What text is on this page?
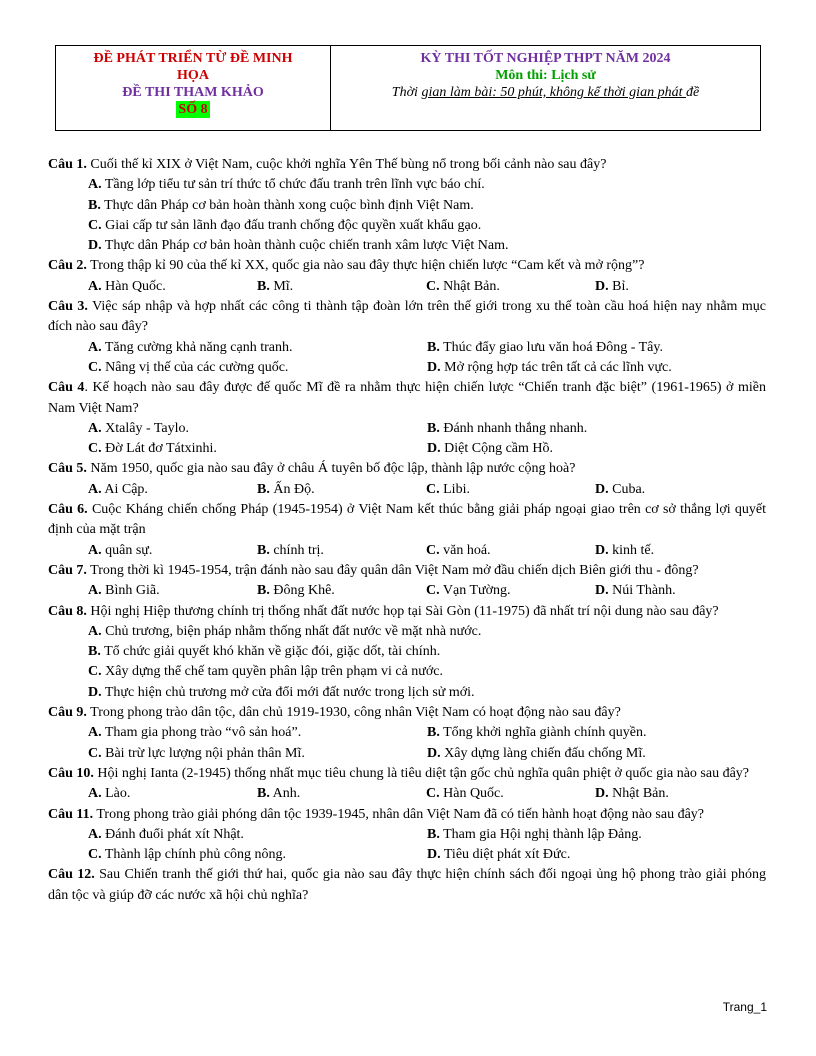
ĐỀ PHÁT TRIỂN TỪ ĐỀ MINH
HỌA
ĐỀ THI THAM KHẢO
SỐ 8
KỲ THI TỐT NGHIỆP THPT NĂM 2024
Môn thi: Lịch sử
Thời gian làm bài: 50 phút, không kể thời gian phát đề
Câu 1. Cuối thế kỉ XIX ở Việt Nam, cuộc khởi nghĩa Yên Thế bùng nổ trong bối cảnh nào sau đây?
A. Tầng lớp tiểu tư sản trí thức tổ chức đấu tranh trên lĩnh vực báo chí.
B. Thực dân Pháp cơ bản hoàn thành xong cuộc bình định Việt Nam.
C. Giai cấp tư sản lãnh đạo đấu tranh chống độc quyền xuất khẩu gạo.
D. Thực dân Pháp cơ bản hoàn thành cuộc chiến tranh xâm lược Việt Nam.
Câu 2. Trong thập kỉ 90 của thế kỉ XX, quốc gia nào sau đây thực hiện chiến lược “Cam kết và mở rộng”?
A. Hàn Quốc.	B. Mĩ.	C. Nhật Bản.	D. Bỉ.
Câu 3. Việc sáp nhập và hợp nhất các công ti thành tập đoàn lớn trên thế giới trong xu thế toàn cầu hoá hiện nay nhằm mục đích nào sau đây?
A. Tăng cường khả năng cạnh tranh.	B. Thúc đẩy giao lưu văn hoá Đông - Tây.
C. Nâng vị thế của các cường quốc.	D. Mở rộng hợp tác trên tất cả các lĩnh vực.
Câu 4. Kế hoạch nào sau đây được đế quốc Mĩ đề ra nhằm thực hiện chiến lược “Chiến tranh đặc biệt” (1961-1965) ở miền Nam Việt Nam?
A. Xtalây - Taylo.	B. Đánh nhanh thắng nhanh.
C. Đờ Lát đơ Tátxinhi.	D. Diệt Cộng cầm Hồ.
Câu 5. Năm 1950, quốc gia nào sau đây ở châu Á tuyên bố độc lập, thành lập nước cộng hoà?
A. Ai Cập.	B. Ấn Độ.	C. Libi.	D. Cuba.
Câu 6. Cuộc Kháng chiến chống Pháp (1945-1954) ở Việt Nam kết thúc bằng giải pháp ngoại giao trên cơ sở thắng lợi quyết định của mặt trận
A. quân sự.	B. chính trị.	C. văn hoá.	D. kinh tế.
Câu 7. Trong thời kì 1945-1954, trận đánh nào sau đây quân dân Việt Nam mở đầu chiến dịch Biên giới thu - đông?
A. Bình Giã.	B. Đông Khê.	C. Vạn Tường.	D. Núi Thành.
Câu 8. Hội nghị Hiệp thương chính trị thống nhất đất nước họp tại Sài Gòn (11-1975) đã nhất trí nội dung nào sau đây?
A. Chủ trương, biện pháp nhằm thống nhất đất nước về mặt nhà nước.
B. Tổ chức giải quyết khó khăn về giặc đói, giặc dốt, tài chính.
C. Xây dựng thể chế tam quyền phân lập trên phạm vi cả nước.
D. Thực hiện chủ trương mở cửa đổi mới đất nước trong lịch sử mới.
Câu 9. Trong phong trào dân tộc, dân chủ 1919-1930, công nhân Việt Nam có hoạt động nào sau đây?
A. Tham gia phong trào “vô sản hoá”.	B. Tổng khởi nghĩa giành chính quyền.
C. Bài trừ lực lượng nội phản thân Mĩ.	D. Xây dựng làng chiến đấu chống Mĩ.
Câu 10. Hội nghị Ianta (2-1945) thống nhất mục tiêu chung là tiêu diệt tận gốc chủ nghĩa quân phiệt ở quốc gia nào sau đây?
A. Lào.	B. Anh.	C. Hàn Quốc.	D. Nhật Bản.
Câu 11. Trong phong trào giải phóng dân tộc 1939-1945, nhân dân Việt Nam đã có tiến hành hoạt động nào sau đây?
A. Đánh đuổi phát xít Nhật.	B. Tham gia Hội nghị thành lập Đảng.
C. Thành lập chính phủ công nông.	D. Tiêu diệt phát xít Đức.
Câu 12. Sau Chiến tranh thế giới thứ hai, quốc gia nào sau đây thực hiện chính sách đối ngoại ủng hộ phong trào giải phóng dân tộc và giúp đỡ các nước xã hội chủ nghĩa?
Trang_1
